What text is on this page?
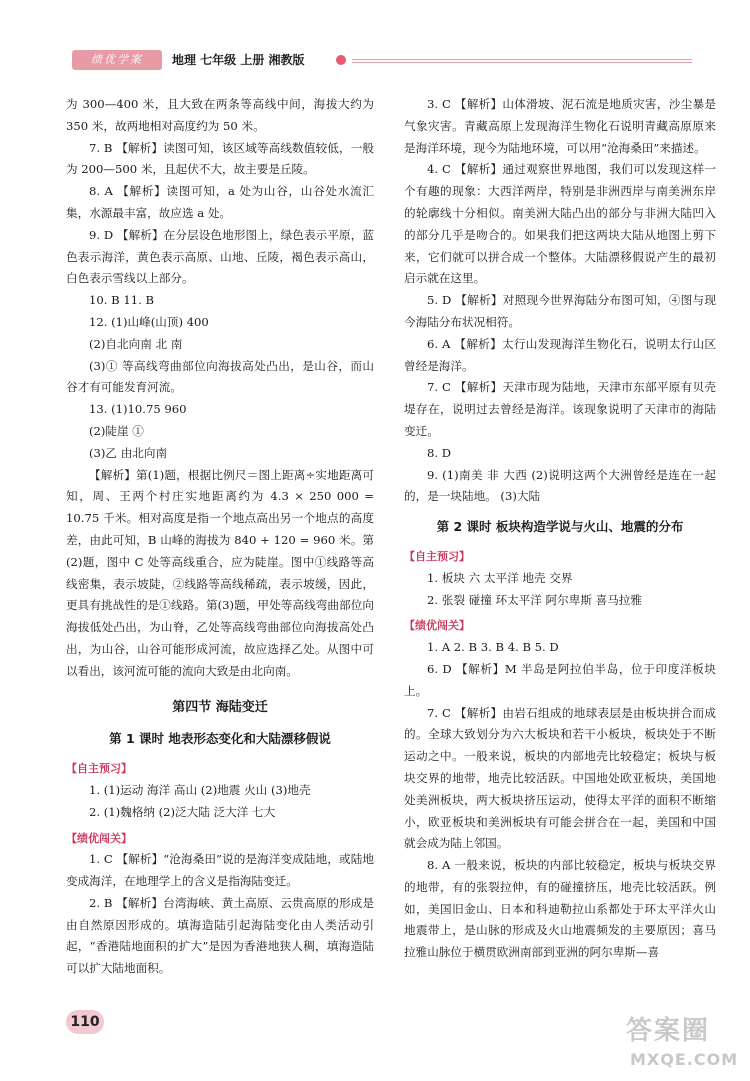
绩优学案	地理 七年级 上册 湘教版

为 300—400 米，且大致在两条等高线中间，海拔大约为 350 米，故两地相对高度约为 50 米。

7. B 【解析】读图可知，该区域等高线数值较低，一般为 200—500 米，且起伏不大，故主要是丘陵。

8. A 【解析】读图可知，a 处为山谷，山谷处水流汇集，水源最丰富，故应选 a 处。

9. D 【解析】在分层设色地形图上，绿色表示平原，蓝色表示海洋，黄色表示高原、山地、丘陵，褐色表示高山，白色表示雪线以上部分。

10. B 11. B

12. (1)山峰(山顶) 400

(2)自北向南 北 南

(3)① 等高线弯曲部位向海拔高处凸出，是山谷，而山谷才有可能发育河流。

13. (1)10.75 960

(2)陡崖 ①

(3)乙 由北向南

【解析】第(1)题，根据比例尺＝图上距离÷实地距离可知，周、王两个村庄实地距离约为 4.3 × 250 000 = 10.75 千米。相对高度是指一个地点高出另一个地点的高度差，由此可知，B 山峰的海拔为 840 + 120 = 960 米。第(2)题，图中 C 处等高线重合，应为陡崖。图中①线路等高线密集，表示坡陡，②线路等高线稀疏，表示坡缓，因此，更具有挑战性的是①线路。第(3)题，甲处等高线弯曲部位向海拔低处凸出，为山脊，乙处等高线弯曲部位向海拔高处凸出，为山谷，山谷可能形成河流，故应选择乙处。从图中可以看出，该河流可能的流向大致是由北向南。

第四节 海陆变迁

第 1 课时 地表形态变化和大陆漂移假说

【自主预习】

1. (1)运动 海洋 高山 (2)地震 火山 (3)地壳

2. (1)魏格纳 (2)泛大陆 泛大洋 七大

【绩优闯关】

1. C 【解析】“沧海桑田”说的是海洋变成陆地，或陆地变成海洋，在地理学上的含义是指海陆变迁。

2. B 【解析】台湾海峡、黄土高原、云贵高原的形成是由自然原因形成的。填海造陆引起海陆变化由人类活动引起，“香港陆地面积的扩大”是因为香港地狭人稠，填海造陆可以扩大陆地面积。

3. C 【解析】山体滑坡、泥石流是地质灾害，沙尘暴是气象灾害。青藏高原上发现海洋生物化石说明青藏高原原来是海洋环境，现今为陆地环境，可以用“沧海桑田”来描述。

4. C 【解析】通过观察世界地图，我们可以发现这样一个有趣的现象：大西洋两岸，特别是非洲西岸与南美洲东岸的轮廓线十分相似。南美洲大陆凸出的部分与非洲大陆凹入的部分几乎是吻合的。如果我们把这两块大陆从地图上剪下来，它们就可以拼合成一个整体。大陆漂移假说产生的最初启示就在这里。

5. D 【解析】对照现今世界海陆分布图可知，④图与现今海陆分布状况相符。

6. A 【解析】太行山发现海洋生物化石，说明太行山区曾经是海洋。

7. C 【解析】天津市现为陆地，天津市东部平原有贝壳堤存在，说明过去曾经是海洋。该现象说明了天津市的海陆变迁。

8. D

9. (1)南美 非 大西 (2)说明这两个大洲曾经是连在一起的，是一块陆地。 (3)大陆

第 2 课时 板块构造学说与火山、地震的分布

【自主预习】

1. 板块 六 太平洋 地壳 交界

2. 张裂 碰撞 环太平洋 阿尔卑斯 喜马拉雅

【绩优闯关】

1. A 2. B 3. B 4. B 5. D

6. D 【解析】M 半岛是阿拉伯半岛，位于印度洋板块上。

7. C 【解析】由岩石组成的地球表层是由板块拼合而成的。全球大致划分为六大板块和若干小板块，板块处于不断运动之中。一般来说，板块的内部地壳比较稳定；板块与板块交界的地带，地壳比较活跃。中国地处欧亚板块，美国地处美洲板块，两大板块挤压运动，使得太平洋的面积不断缩小，欧亚板块和美洲板块有可能会拼合在一起，美国和中国就会成为陆上邻国。

8. A 一般来说，板块的内部比较稳定，板块与板块交界的地带，有的张裂拉伸，有的碰撞挤压，地壳比较活跃。例如，美国旧金山、日本和科迪勒拉山系都处于环太平洋火山地震带上，是山脉的形成及火山地震频发的主要原因；喜马拉雅山脉位于横贯欧洲南部到亚洲的阿尔卑斯—喜

110	答案圈
MXQE.COM
